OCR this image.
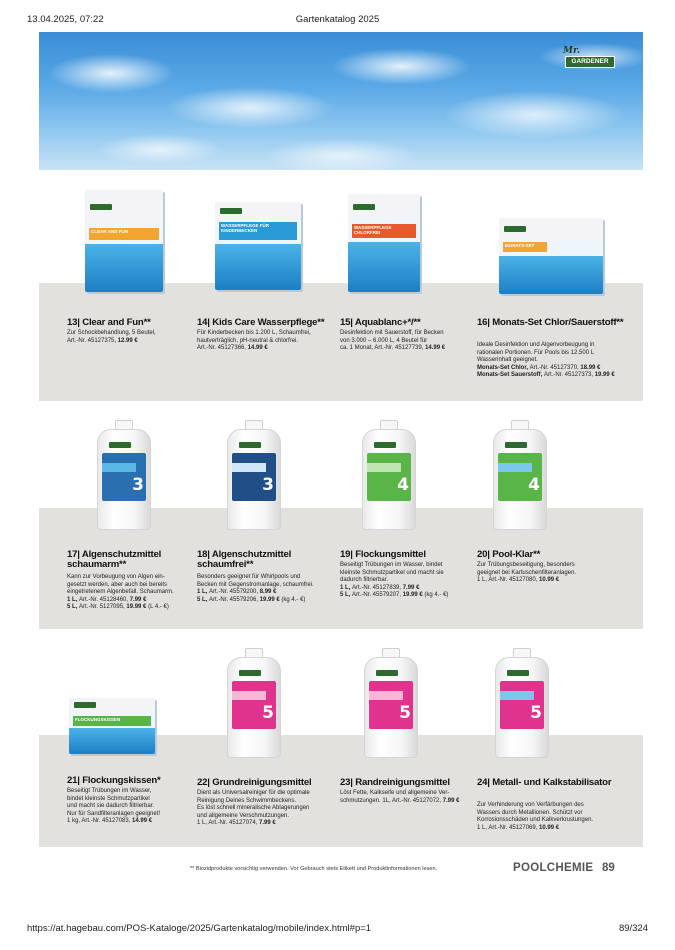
13.04.2025, 07:22	Gartenkatalog 2025
Mr.
GARDENER
CLEAR AND FUN
13| Clear and Fun**

Zur Schockbehandlung, 5 Beutel,
Art.-Nr. 45127375, 12.99 €

WASSERPFLEGE FÜR KINDERBECKEN
14| Kids Care Wasserpflege**

Für Kinderbecken bis 1.200 L, Schaumfrei,
hautverträglich, pH-neutral & chlorfrei.
Art.-Nr. 45127366, 14.99 €

WASSERPFLEGE CHLORFREI
15| Aquablanc+*/**

Desinfektion mit Sauerstoff, für Becken
von 3.000 – 6.000 L, 4 Beutel für
ca. 1 Monat, Art.-Nr. 45127739, 14.99 €

MONATS-SET
16| Monats-Set Chlor/Sauerstoff**

Ideale Desinfektion und Algenvorbeugung in
rationalen Portionen. Für Pools bis 12.500 L
Wasserinhalt geeignet.
Monats-Set Chlor, Art.-Nr. 45127370, 18.99 €
Monats-Set Sauerstoff, Art.-Nr. 45127373, 19.99 €

3
17| Algenschutzmittel schaumarm**

Kann zur Vorbeugung von Algen ein-
gesetzt werden, aber auch bei bereits
eingetretenem Algenbefall. Schaumarm.
1 L, Art.-Nr. 45128460, 7.99 €
5 L, Art.-Nr. 5127095, 19.99 € (L 4.- €)

3
18| Algenschutzmittel schaumfrei**

Besonders geeignet für Whirlpools und
Becken mit Gegenstromanlage, schaumfrei.
1 L, Art.-Nr. 45579200, 8.99 €
5 L, Art.-Nr. 45579206, 19.99 € (kg 4.- €)

4
19| Flockungsmittel

Beseitigt Trübungen im Wasser, bindet
kleinste Schmutzpartikel und macht sie
dadurch filtrierbar.
1 L, Art.-Nr. 45127839, 7.99 €
5 L, Art.-Nr. 45579207, 19.99 € (kg 4.- €)

4
20| Pool-Klar**

Zur Trübungsbeseitigung, besonders
geeignet bei Kartuschenfilteranlagen.
1 L, Art.-Nr. 45127080, 10.99 €

FLOCKUNGSKISSEN
21| Flockungskissen*

Beseitigt Trübungen im Wasser,
bindet kleinste Schmutzpartikel
und macht sie dadurch filtrierbar.
Nur für Sandfilteranlagen geeignet!
1 kg, Art.-Nr. 45127083, 14.99 €

5
22| Grundreinigungsmittel

Dient als Universalreiniger für die optimale
Reinigung Deines Schwimmbeckens.
Es löst schnell mineralische Ablagerungen
und allgemeine Verschmutzungen.
1 L, Art.-Nr. 45127074, 7.99 €

5
23| Randreinigungsmittel

Löst Fette, Kalkseife und allgemeine Ver-
schmutzungen. 1L, Art.-Nr. 45127072, 7.99 €

5
24| Metall- und Kalkstabilisator

Zur Verhinderung von Verfärbungen des
Wassers durch Metallionen. Schützt vor
Korrosionsschäden und Kalkverkrustungen.
1 L, Art.-Nr. 45127069, 10.99 €

** Biozidprodukte vorsichtig verwenden. Vor Gebrauch stets Etikett und Produktinformationen lesen.	POOLCHEMIE 89
https://at.hagebau.com/POS-Kataloge/2025/Gartenkatalog/mobile/index.html#p=1	89/324
